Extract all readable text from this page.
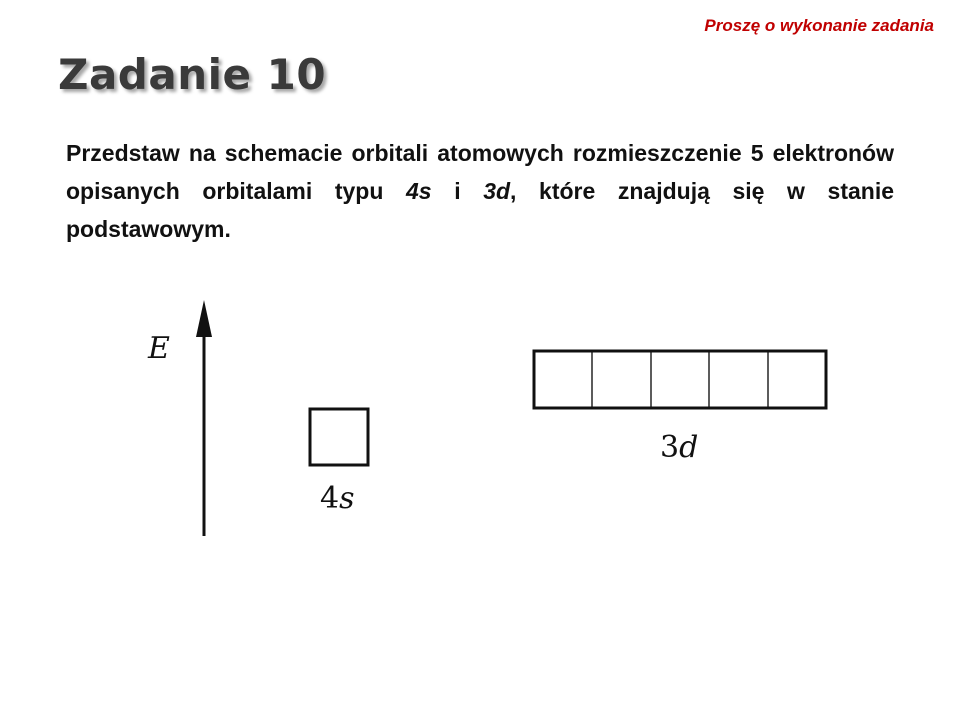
Proszę o wykonanie zadania
Zadanie 10

Przedstaw na schemacie orbitali atomowych rozmieszczenie 5 elektronów opisanych orbitalami typu 4s i 3d, które znajdują się w stanie podstawowym.

E
4s
3d
